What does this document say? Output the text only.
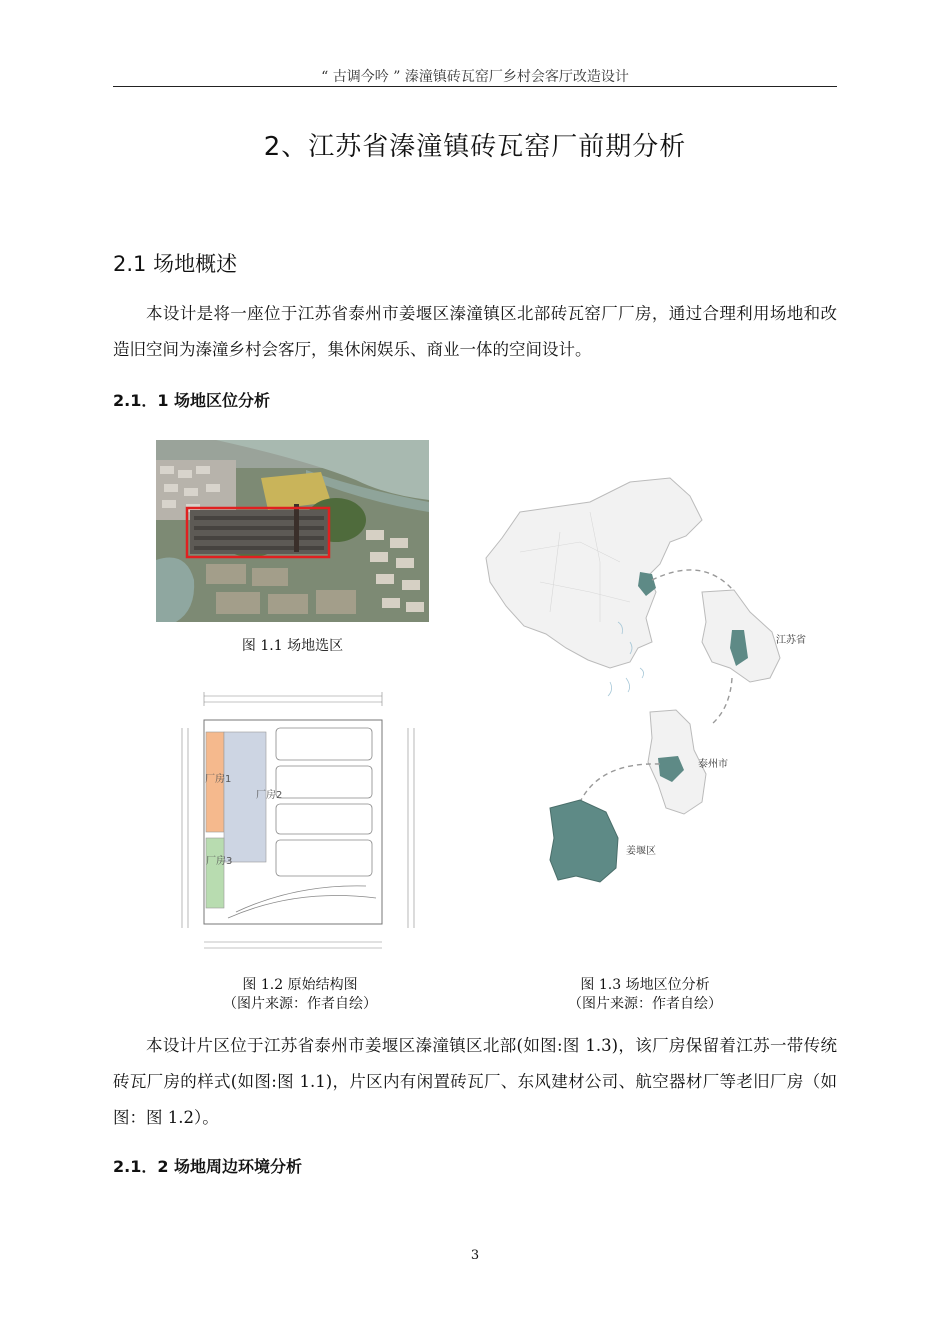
“ 古调今吟 ” 溱潼镇砖瓦窑厂乡村会客厅改造设计
2、江苏省溱潼镇砖瓦窑厂前期分析
2.1 场地概述

本设计是将一座位于江苏省泰州市姜堰区溱潼镇区北部砖瓦窑厂厂房，通过合理利用场地和改造旧空间为溱潼乡村会客厅，集休闲娱乐、商业一体的空间设计。

2.1．1 场地区位分析
图 1.1 场地选区
厂房1
厂房2
厂房3
图 1.2 原始结构图
（图片来源：作者自绘）
江苏省
泰州市
姜堰区
图 1.3 场地区位分析
（图片来源：作者自绘）

本设计片区位于江苏省泰州市姜堰区溱潼镇区北部(如图:图 1.3)，该厂房保留着江苏一带传统砖瓦厂房的样式(如图:图 1.1)，片区内有闲置砖瓦厂、东风建材公司、航空器材厂等老旧厂房（如图：图 1.2）。

2.1．2 场地周边环境分析
3
